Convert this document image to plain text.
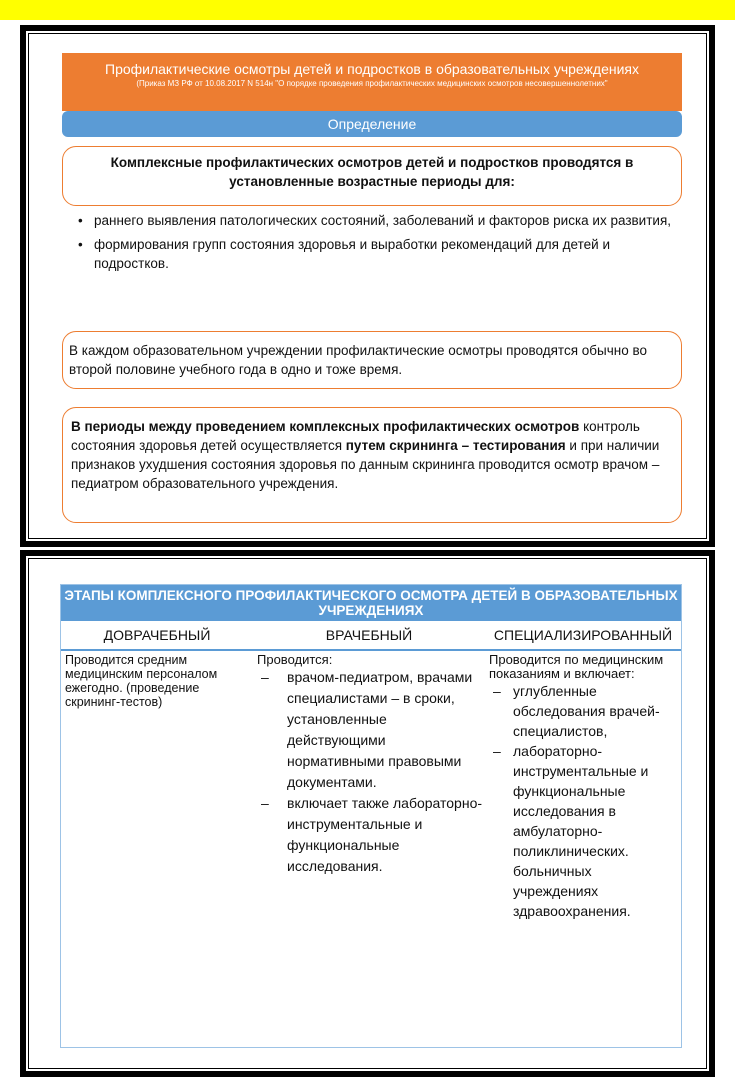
Профилактические осмотры детей и подростков в образовательных учреждениях
(Приказ МЗ РФ от 10.08.2017 N 514н "О порядке проведения профилактических медицинских осмотров несовершеннолетних"
Определение
Комплексные профилактических осмотров детей и подростков проводятся в установленные возрастные периоды для:
• раннего выявления патологических состояний, заболеваний и факторов риска их развития,
• формирования групп состояния здоровья и выработки рекомендаций для детей и подростков.
В каждом образовательном учреждении профилактические осмотры проводятся обычно во второй половине учебного года в одно и тоже время.
В периоды между проведением комплексных профилактических осмотров контроль состояния здоровья детей осуществляется путем скрининга – тестирования и при наличии признаков ухудшения состояния здоровья по данным скрининга проводится осмотр врачом – педиатром образовательного учреждения.
ЭТАПЫ КОМПЛЕКСНОГО ПРОФИЛАКТИЧЕСКОГО ОСМОТРА ДЕТЕЙ В ОБРАЗОВАТЕЛЬНЫХ УЧРЕЖДЕНИЯХ
ДОВРАЧЕБНЫЙ	ВРАЧЕБНЫЙ	СПЕЦИАЛИЗИРОВАННЫЙ
Проводится средним медицинским персоналом ежегодно. (проведение скрининг-тестов)
Проводится:
– врачом-педиатром, врачами специалистами – в сроки, установленные действующими нормативными правовыми документами.
– включает также лабораторно-инструментальные и функциональные исследования.
Проводится по медицинским показаниям и включает:
– углубленные обследования врачей-специалистов,
– лабораторно-инструментальные и функциональные исследования в амбулаторно-поликлинических. больничных учреждениях здравоохранения.
